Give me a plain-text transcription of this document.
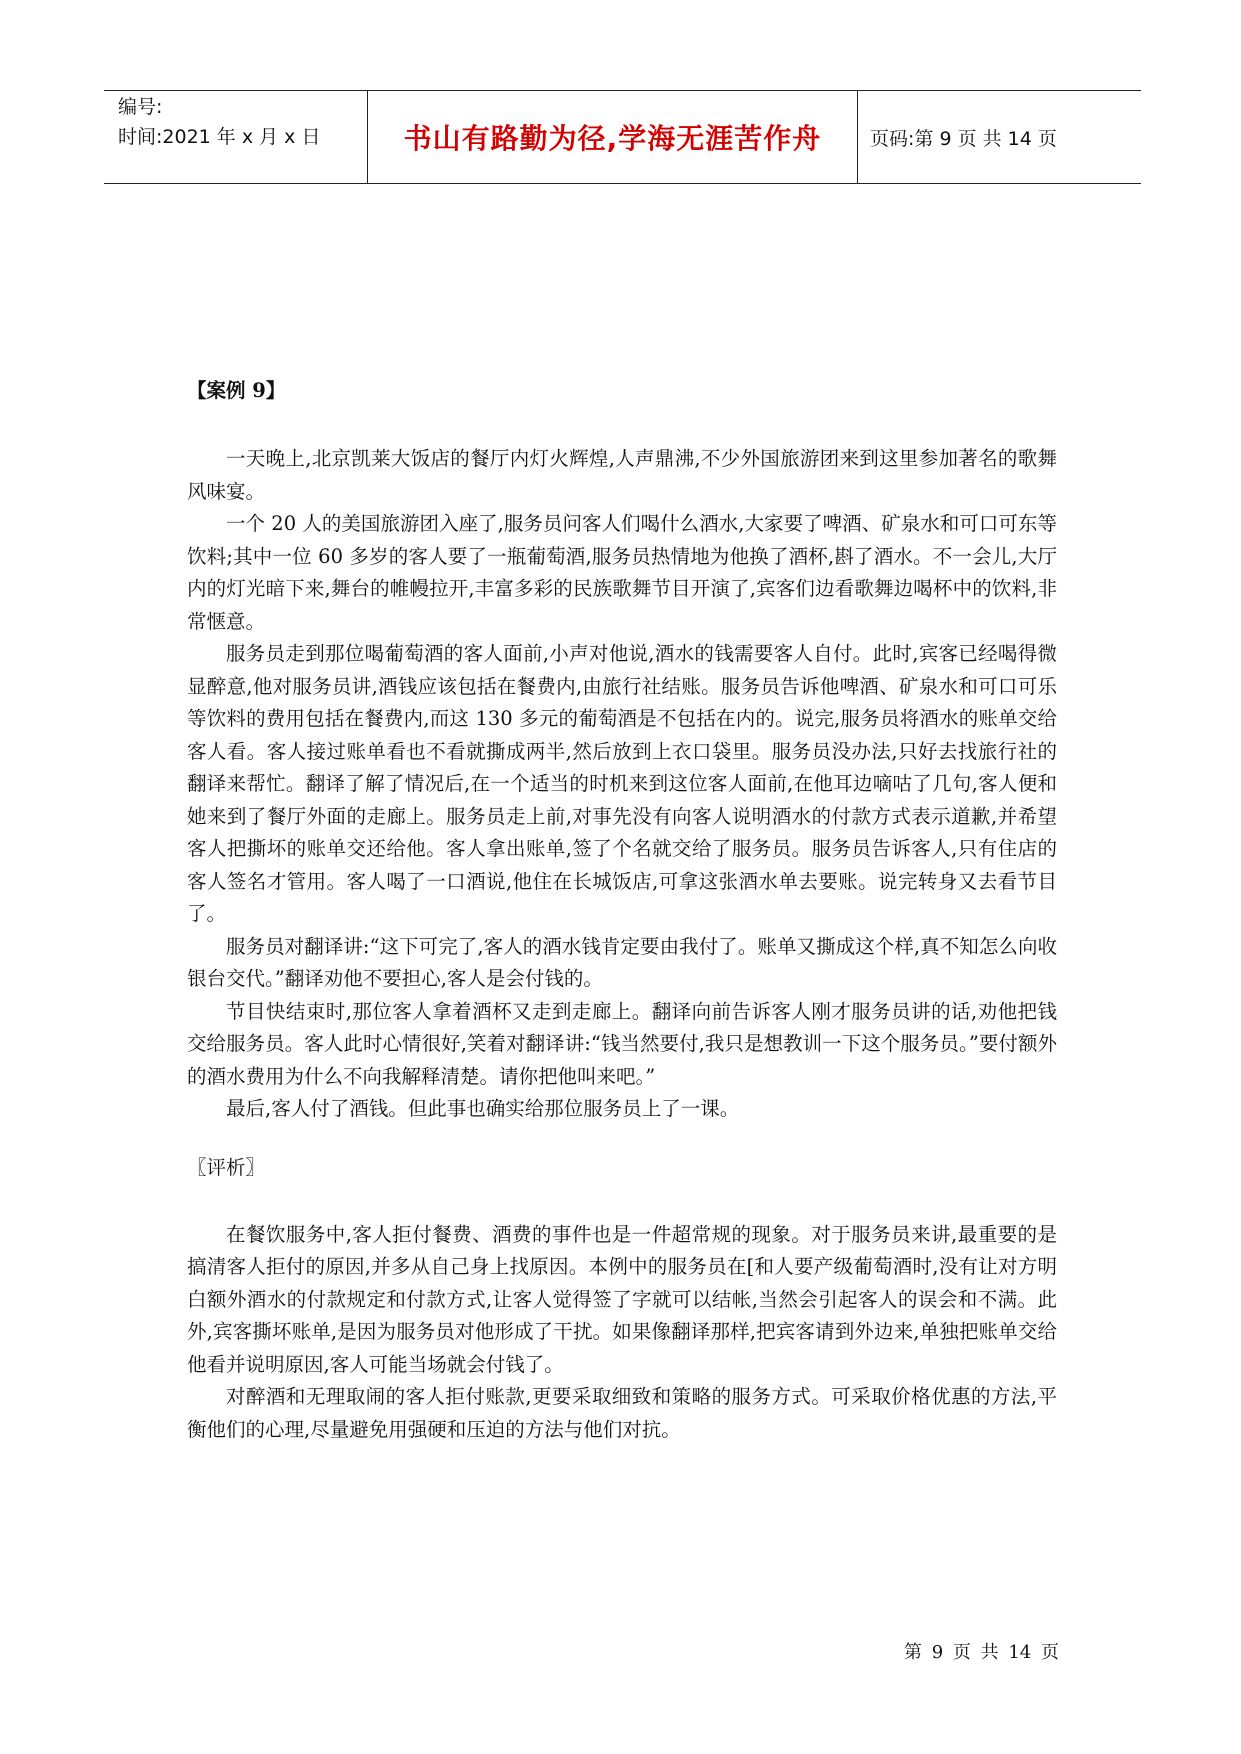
编号:
时间:2021 年 x 月 x 日	书山有路勤为径,学海无涯苦作舟	页码:第 9 页 共 14 页

【案例 9】

一天晚上,北京凯莱大饭店的餐厅内灯火辉煌,人声鼎沸,不少外国旅游团来到这里参加著名的歌舞风味宴。

一个 20 人的美国旅游团入座了,服务员问客人们喝什么酒水,大家要了啤酒、矿泉水和可口可东等饮料;其中一位 60 多岁的客人要了一瓶葡萄酒,服务员热情地为他换了酒杯,斟了酒水。不一会儿,大厅内的灯光暗下来,舞台的帷幔拉开,丰富多彩的民族歌舞节目开演了,宾客们边看歌舞边喝杯中的饮料,非常惬意。

服务员走到那位喝葡萄酒的客人面前,小声对他说,酒水的钱需要客人自付。此时,宾客已经喝得微显醉意,他对服务员讲,酒钱应该包括在餐费内,由旅行社结账。服务员告诉他啤酒、矿泉水和可口可乐等饮料的费用包括在餐费内,而这 130 多元的葡萄酒是不包括在内的。说完,服务员将酒水的账单交给客人看。客人接过账单看也不看就撕成两半,然后放到上衣口袋里。服务员没办法,只好去找旅行社的翻译来帮忙。翻译了解了情况后,在一个适当的时机来到这位客人面前,在他耳边嘀咕了几句,客人便和她来到了餐厅外面的走廊上。服务员走上前,对事先没有向客人说明酒水的付款方式表示道歉,并希望客人把撕坏的账单交还给他。客人拿出账单,签了个名就交给了服务员。服务员告诉客人,只有住店的客人签名才管用。客人喝了一口酒说,他住在长城饭店,可拿这张酒水单去要账。说完转身又去看节目了。

服务员对翻译讲:“这下可完了,客人的酒水钱肯定要由我付了。账单又撕成这个样,真不知怎么向收银台交代。”翻译劝他不要担心,客人是会付钱的。

节目快结束时,那位客人拿着酒杯又走到走廊上。翻译向前告诉客人刚才服务员讲的话,劝他把钱交给服务员。客人此时心情很好,笑着对翻译讲:“钱当然要付,我只是想教训一下这个服务员。”要付额外的酒水费用为什么不向我解释清楚。请你把他叫来吧。”

最后,客人付了酒钱。但此事也确实给那位服务员上了一课。

〖评析〗

在餐饮服务中,客人拒付餐费、酒费的事件也是一件超常规的现象。对于服务员来讲,最重要的是搞清客人拒付的原因,并多从自己身上找原因。本例中的服务员在[和人要产级葡萄酒时,没有让对方明白额外酒水的付款规定和付款方式,让客人觉得签了字就可以结帐,当然会引起客人的误会和不满。此外,宾客撕坏账单,是因为服务员对他形成了干扰。如果像翻译那样,把宾客请到外边来,单独把账单交给他看并说明原因,客人可能当场就会付钱了。

对醉酒和无理取闹的客人拒付账款,更要采取细致和策略的服务方式。可采取价格优惠的方法,平衡他们的心理,尽量避免用强硬和压迫的方法与他们对抗。

第 9 页 共 14 页
